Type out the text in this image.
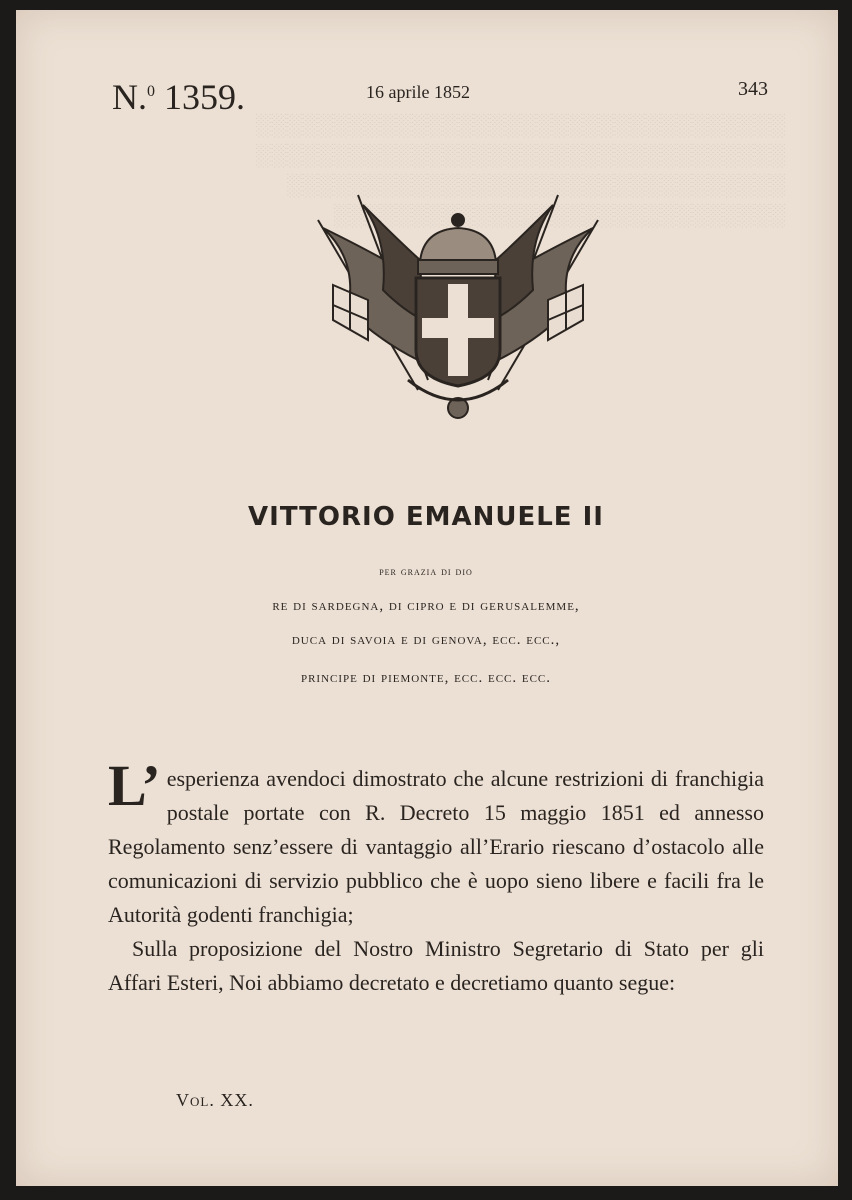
░░░░░░░░░░░░░░░░░░░░░░░░░░░░░░░░░░
░░░░░░░░░░░░░░░░░░░░░░░░░░░░░░░░░░
░░░░░░░░░░░░░░░░░░░░░░░░░░░░░░░░
░░░░░░░░░░░░░░░░░░░░░░░░░░░░░
N.$^0$ 1359.	16 aprile 1852	343
VITTORIO EMANUELE II
per grazia di dio
re di sardegna, di cipro e di gerusalemme,
duca di savoia e di genova, ecc. ecc.,
principe di piemonte, ecc. ecc. ecc.

L’ esperienza avendoci dimostrato che alcune restrizioni di franchigia postale portate con R. Decreto 15 maggio 1851 ed annesso Regolamento senz’essere di vantaggio all’Erario riescano d’ostacolo alle comunicazioni di servizio pubblico che è uopo sieno libere e facili fra le Autorità godenti franchigia;

Sulla proposizione del Nostro Ministro Segretario di Stato per gli Affari Esteri, Noi abbiamo decretato e decretiamo quanto segue:

Vol. XX.
